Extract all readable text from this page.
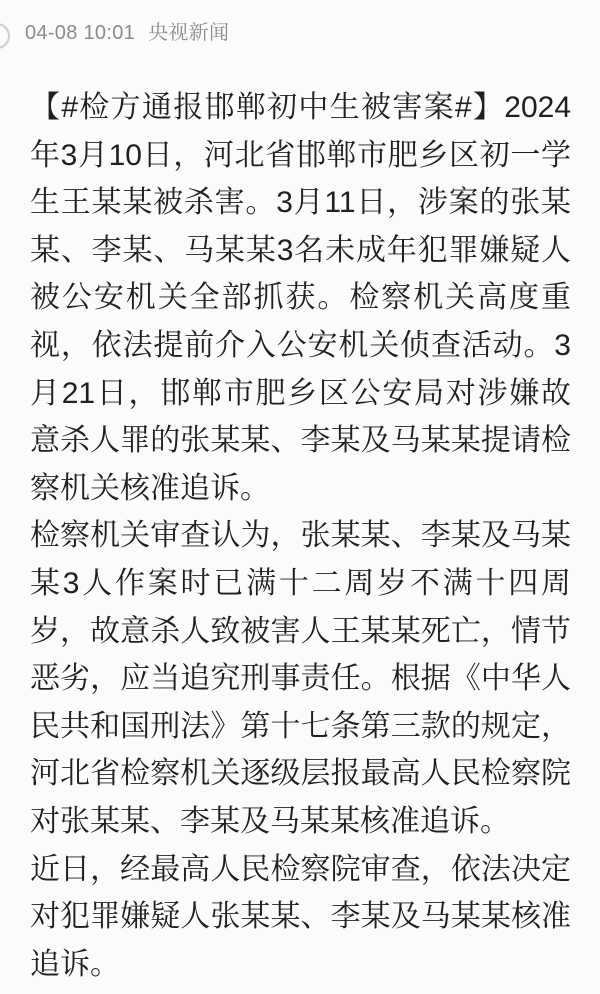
04-08 10:01 央视新闻

【#检方通报邯郸初中生被害案#】2024年3月10日，河北省邯郸市肥乡区初一学生王某某被杀害。3月11日，涉案的张某某、李某、马某某3名未成年犯罪嫌疑人被公安机关全部抓获。检察机关高度重视，依法提前介入公安机关侦查活动。3月21日，邯郸市肥乡区公安局对涉嫌故意杀人罪的张某某、李某及马某某提请检察机关核准追诉。

检察机关审查认为，张某某、李某及马某某3人作案时已满十二周岁不满十四周岁，故意杀人致被害人王某某死亡，情节恶劣，应当追究刑事责任。根据《中华人民共和国刑法》第十七条第三款的规定，河北省检察机关逐级层报最高人民检察院对张某某、李某及马某某核准追诉。

近日，经最高人民检察院审查，依法决定对犯罪嫌疑人张某某、李某及马某某核准追诉。
